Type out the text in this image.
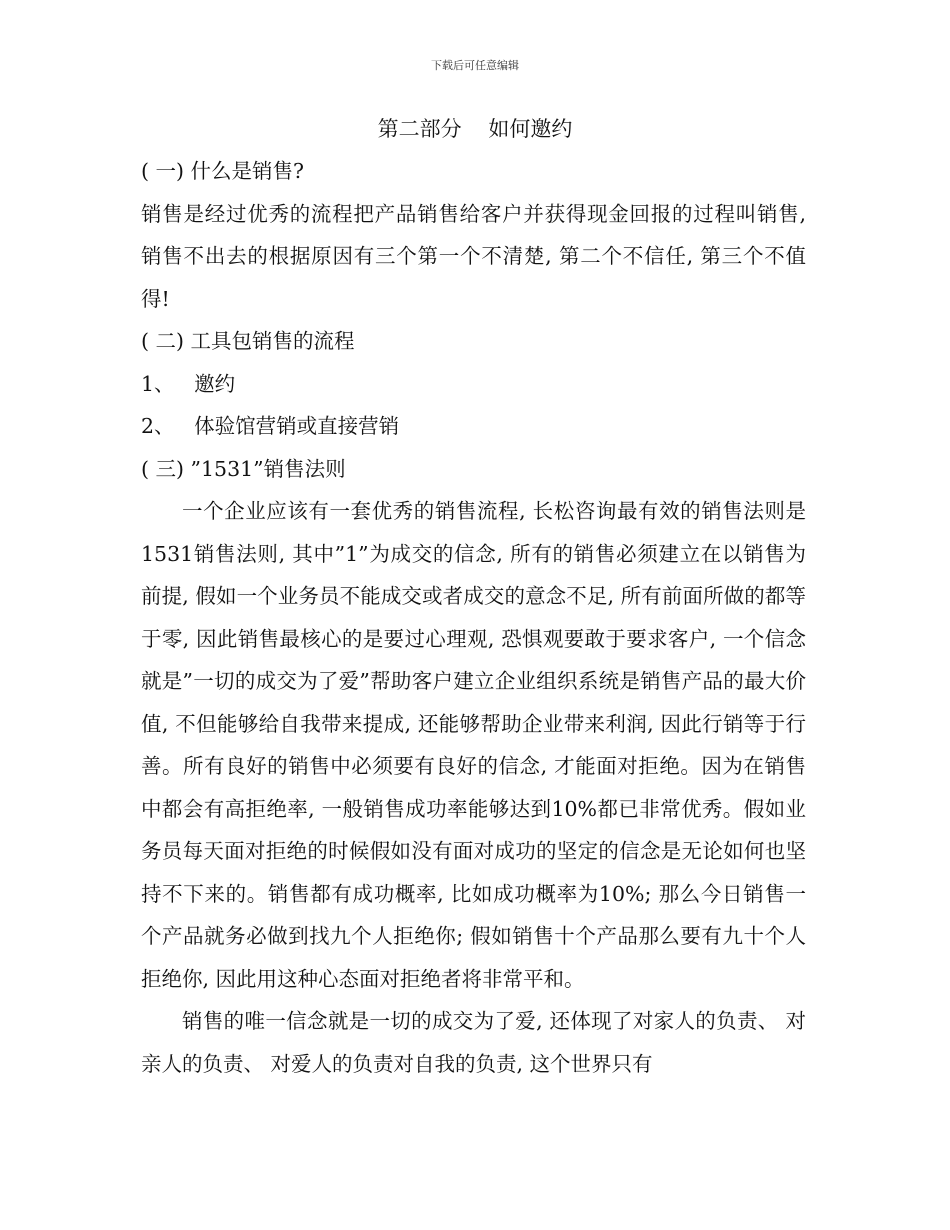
下载后可任意编辑
第二部分    如何邀约

( 一) 什么是销售?

销售是经过优秀的流程把产品销售给客户并获得现金回报的过程叫销售, 销售不出去的根据原因有三个第一个不清楚, 第二个不信任, 第三个不值得!

( 二) 工具包销售的流程

1、   邀约

2、   体验馆营销或直接营销

( 三) ”1531”销售法则

一个企业应该有一套优秀的销售流程, 长松咨询最有效的销售法则是1531销售法则, 其中”1”为成交的信念, 所有的销售必须建立在以销售为前提, 假如一个业务员不能成交或者成交的意念不足, 所有前面所做的都等于零, 因此销售最核心的是要过心理观, 恐惧观要敢于要求客户, 一个信念就是”一切的成交为了爱”帮助客户建立企业组织系统是销售产品的最大价值, 不但能够给自我带来提成, 还能够帮助企业带来利润, 因此行销等于行善。所有良好的销售中必须要有良好的信念, 才能面对拒绝。因为在销售中都会有高拒绝率, 一般销售成功率能够达到10%都已非常优秀。假如业务员每天面对拒绝的时候假如没有面对成功的坚定的信念是无论如何也坚持不下来的。销售都有成功概率, 比如成功概率为10%; 那么今日销售一个产品就务必做到找九个人拒绝你; 假如销售十个产品那么要有九十个人拒绝你, 因此用这种心态面对拒绝者将非常平和。

销售的唯一信念就是一切的成交为了爱, 还体现了对家人的负责、 对亲人的负责、 对爱人的负责对自我的负责, 这个世界只有
